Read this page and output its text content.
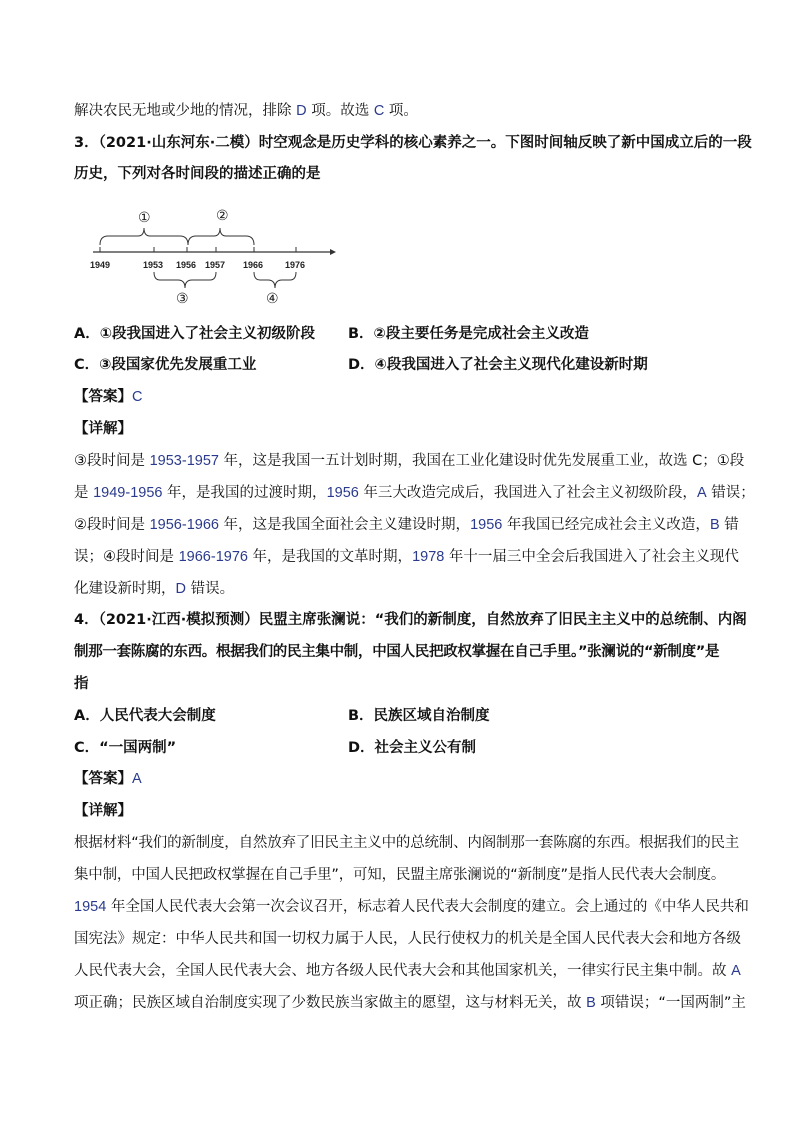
解决农民无地或少地的情况，排除 D 项。故选 C 项。
3．（2021·山东河东·二模）时空观念是历史学科的核心素养之一。下图时间轴反映了新中国成立后的一段
历史，下列对各时间段的描述正确的是
1949	1953 1956 1957 1966 1976
①	②
③	④
A．①段我国进入了社会主义初级阶段 B．②段主要任务是完成社会主义改造
C．③段国家优先发展重工业	D．④段我国进入了社会主义现代化建设新时期
【答案】C
【详解】
③段时间是 1953-1957 年，这是我国一五计划时期，我国在工业化建设时优先发展重工业，故选 C；①段
是 1949-1956 年，是我国的过渡时期，1956 年三大改造完成后，我国进入了社会主义初级阶段，A 错误；
②段时间是 1956-1966 年，这是我国全面社会主义建设时期，1956 年我国已经完成社会主义改造，B 错
误；④段时间是 1966-1976 年，是我国的文革时期，1978 年十一届三中全会后我国进入了社会主义现代
化建设新时期，D 错误。
4．（2021·江西·模拟预测）民盟主席张澜说：“我们的新制度，自然放弃了旧民主主义中的总统制、内阁
制那一套陈腐的东西。根据我们的民主集中制，中国人民把政权掌握在自己手里。”张澜说的“新制度”是
指
A．人民代表大会制度	B．民族区域自治制度
C．“一国两制”	D．社会主义公有制
【答案】A
【详解】
根据材料“我们的新制度，自然放弃了旧民主主义中的总统制、内阁制那一套陈腐的东西。根据我们的民主
集中制，中国人民把政权掌握在自己手里”，可知，民盟主席张澜说的“新制度”是指人民代表大会制度。
1954 年全国人民代表大会第一次会议召开，标志着人民代表大会制度的建立。会上通过的《中华人民共和
国宪法》规定：中华人民共和国一切权力属于人民，人民行使权力的机关是全国人民代表大会和地方各级
人民代表大会，全国人民代表大会、地方各级人民代表大会和其他国家机关，一律实行民主集中制。故 A
项正确；民族区域自治制度实现了少数民族当家做主的愿望，这与材料无关，故 B 项错误；“一国两制”主
